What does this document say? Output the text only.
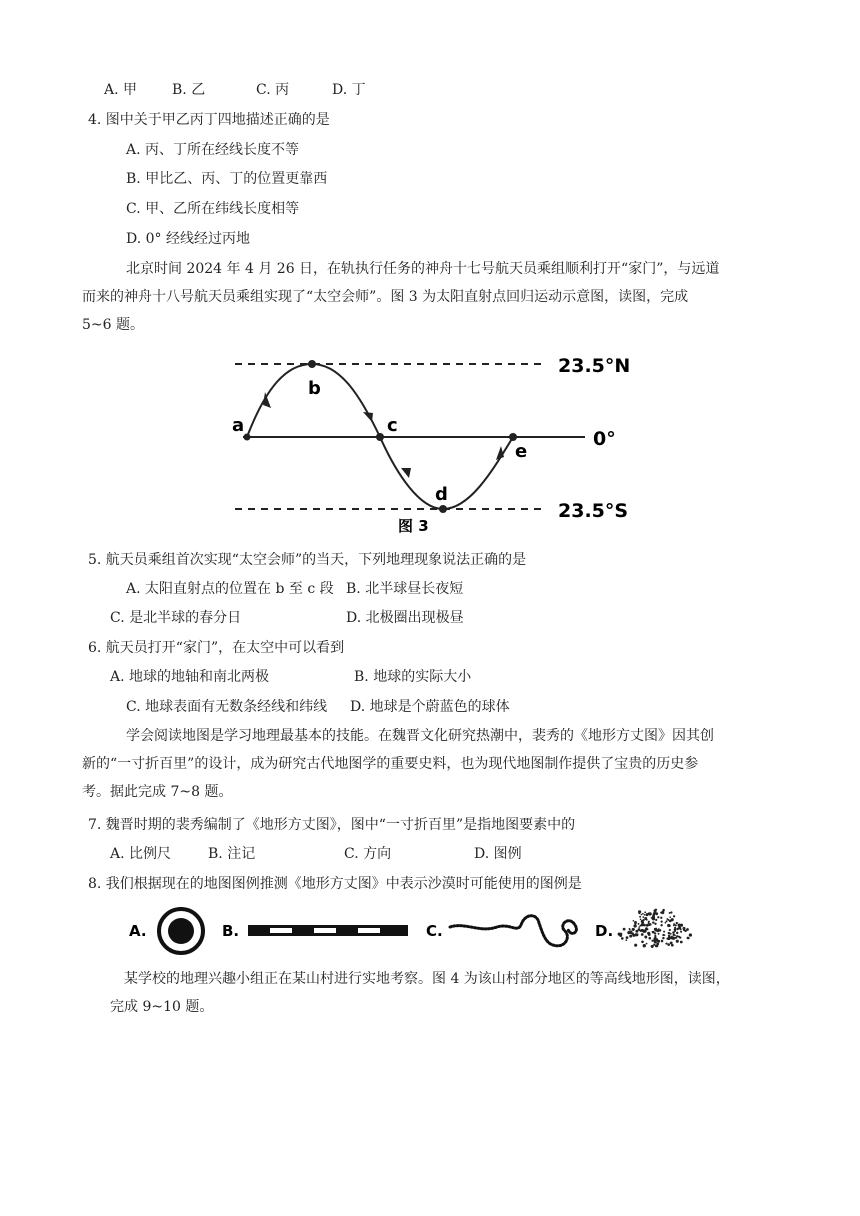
A. 甲	B. 乙	C. 丙	D. 丁
4. 图中关于甲乙丙丁四地描述正确的是
A. 丙、丁所在经线长度不等
B. 甲比乙、丙、丁的位置更靠西
C. 甲、乙所在纬线长度相等
D. 0° 经线经过丙地
北京时间 2024 年 4 月 26 日，在轨执行任务的神舟十七号航天员乘组顺利打开“家门”，与远道
而来的神舟十八号航天员乘组实现了“太空会师”。图 3 为太阳直射点回归运动示意图，读图，完成
5~6 题。
a
b
c
d
e
23.5°N
0°
23.5°S
图 3
5. 航天员乘组首次实现“太空会师”的当天，下列地理现象说法正确的是
A. 太阳直射点的位置在 b 至 c 段 B. 北半球昼长夜短
C. 是北半球的春分日	D. 北极圈出现极昼
6. 航天员打开“家门”，在太空中可以看到
A. 地球的地轴和南北两极	B. 地球的实际大小
C. 地球表面有无数条经线和纬线	D. 地球是个蔚蓝色的球体
学会阅读地图是学习地理最基本的技能。在魏晋文化研究热潮中，裴秀的《地形方丈图》因其创
新的“一寸折百里”的设计，成为研究古代地图学的重要史料，也为现代地图制作提供了宝贵的历史参
考。据此完成 7~8 题。
7. 魏晋时期的裴秀编制了《地形方丈图》，图中“一寸折百里”是指地图要素中的
A. 比例尺	B. 注记	C. 方向	D. 图例
8. 我们根据现在的地图图例推测《地形方丈图》中表示沙漠时可能使用的图例是
A.	B.	C.	D.
某学校的地理兴趣小组正在某山村进行实地考察。图 4 为该山村部分地区的等高线地形图，读图，
完成 9~10 题。
